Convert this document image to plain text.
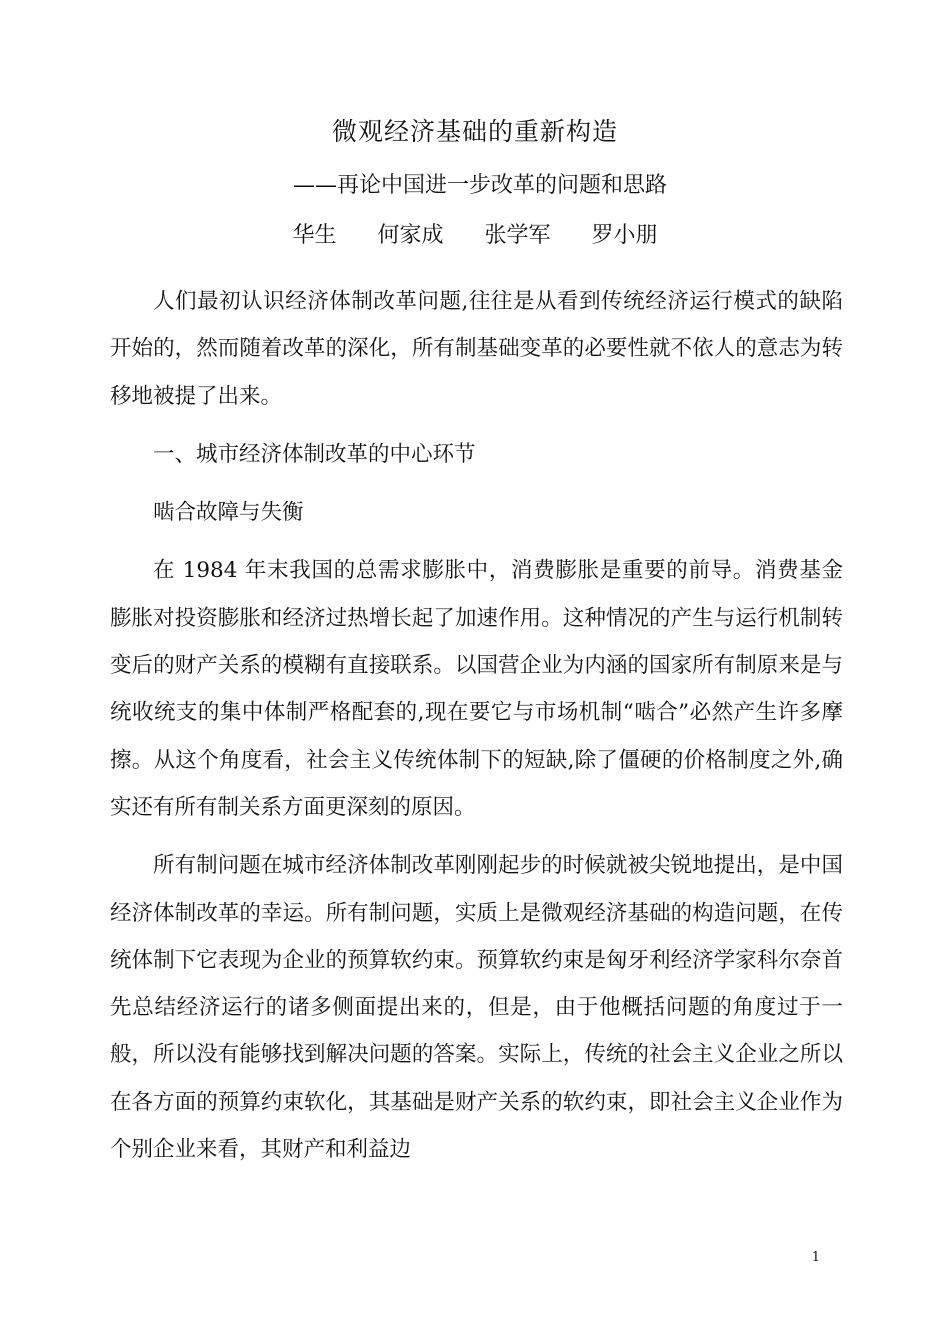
微观经济基础的重新构造
——再论中国进一步改革的问题和思路
华生 何家成 张学军 罗小朋

人们最初认识经济体制改革问题,往往是从看到传统经济运行模式的缺陷开始的，然而随着改革的深化，所有制基础变革的必要性就不依人的意志为转移地被提了出来。

一、城市经济体制改革的中心环节

啮合故障与失衡

在 1984 年末我国的总需求膨胀中，消费膨胀是重要的前导。消费基金膨胀对投资膨胀和经济过热增长起了加速作用。这种情况的产生与运行机制转变后的财产关系的模糊有直接联系。以国营企业为内涵的国家所有制原来是与统收统支的集中体制严格配套的,现在要它与市场机制“啮合”必然产生许多摩擦。从这个角度看，社会主义传统体制下的短缺,除了僵硬的价格制度之外,确实还有所有制关系方面更深刻的原因。

所有制问题在城市经济体制改革刚刚起步的时候就被尖锐地提出，是中国经济体制改革的幸运。所有制问题，实质上是微观经济基础的构造问题，在传统体制下它表现为企业的预算软约束。预算软约束是匈牙利经济学家科尔奈首先总结经济运行的诸多侧面提出来的，但是，由于他概括问题的角度过于一般，所以没有能够找到解决问题的答案。实际上，传统的社会主义企业之所以在各方面的预算约束软化，其基础是财产关系的软约束，即社会主义企业作为个别企业来看，其财产和利益边

1
